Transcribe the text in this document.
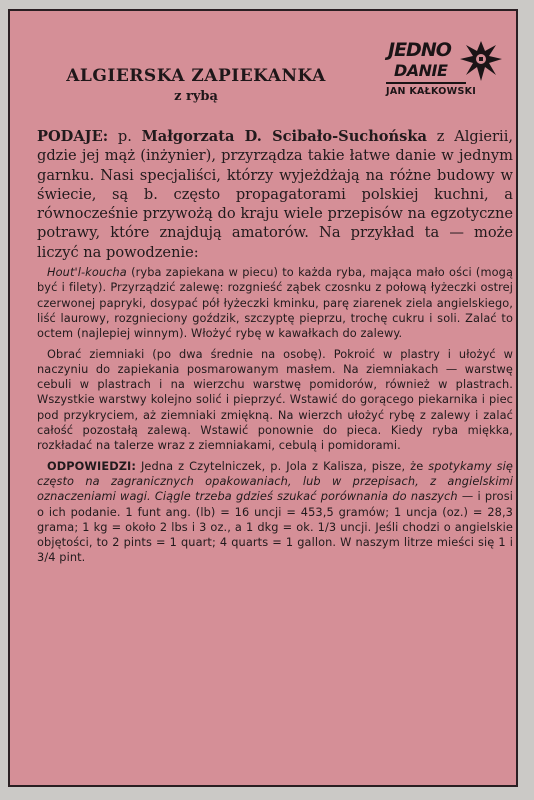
ALGIERSKA ZAPIEKANKA

z rybą

JEDNO
DANIE
JAN KAŁKOWSKI

PODAJE: p. Małgorzata D. Scibało-Suchońska z Algierii, gdzie jej mąż (inżynier), przyrządza takie łatwe danie w jednym garnku. Nasi specjaliści, którzy wyjeżdżają na różne budowy w świecie, są b. często propagatorami polskiej kuchni, a równocześnie przywożą do kraju wiele przepisów na egzotyczne potrawy, które znajdują amatorów. Na przykład ta — może liczyć na powodzenie:

Hout'l-koucha (ryba zapiekana w piecu) to każda ryba, mająca mało ości (mogą być i filety). Przyrządzić zalewę: rozgnieść ząbek czosnku z połową łyżeczki ostrej czerwonej papryki, dosypać pół łyżeczki kminku, parę ziarenek ziela angielskiego, liść laurowy, rozgnieciony goździk, szczyptę pieprzu, trochę cukru i soli. Zalać to octem (najlepiej winnym). Włożyć rybę w kawałkach do zalewy.

Obrać ziemniaki (po dwa średnie na osobę). Pokroić w plastry i ułożyć w naczyniu do zapiekania posmarowanym masłem. Na ziemniakach — warstwę cebuli w plastrach i na wierzchu warstwę pomidorów, również w plastrach. Wszystkie warstwy kolejno solić i pieprzyć. Wstawić do gorącego piekarnika i piec pod przykryciem, aż ziemniaki zmiękną. Na wierzch ułożyć rybę z zalewy i zalać całość pozostałą zalewą. Wstawić ponownie do pieca. Kiedy ryba miękka, rozkładać na talerze wraz z ziemniakami, cebulą i pomidorami.

ODPOWIEDZI: Jedna z Czytelniczek, p. Jola z Kalisza, pisze, że spotykamy się często na zagranicznych opakowaniach, lub w przepisach, z angielskimi oznaczeniami wagi. Ciągle trzeba gdzieś szukać porównania do naszych — i prosi o ich podanie. 1 funt ang. (lb) = 16 uncji = 453,5 gramów; 1 uncja (oz.) = 28,3 grama; 1 kg = około 2 lbs i 3 oz., a 1 dkg = ok. 1/3 uncji. Jeśli chodzi o angielskie objętości, to 2 pints = 1 quart; 4 quarts = 1 gallon. W naszym litrze mieści się 1 i 3/4 pint.
